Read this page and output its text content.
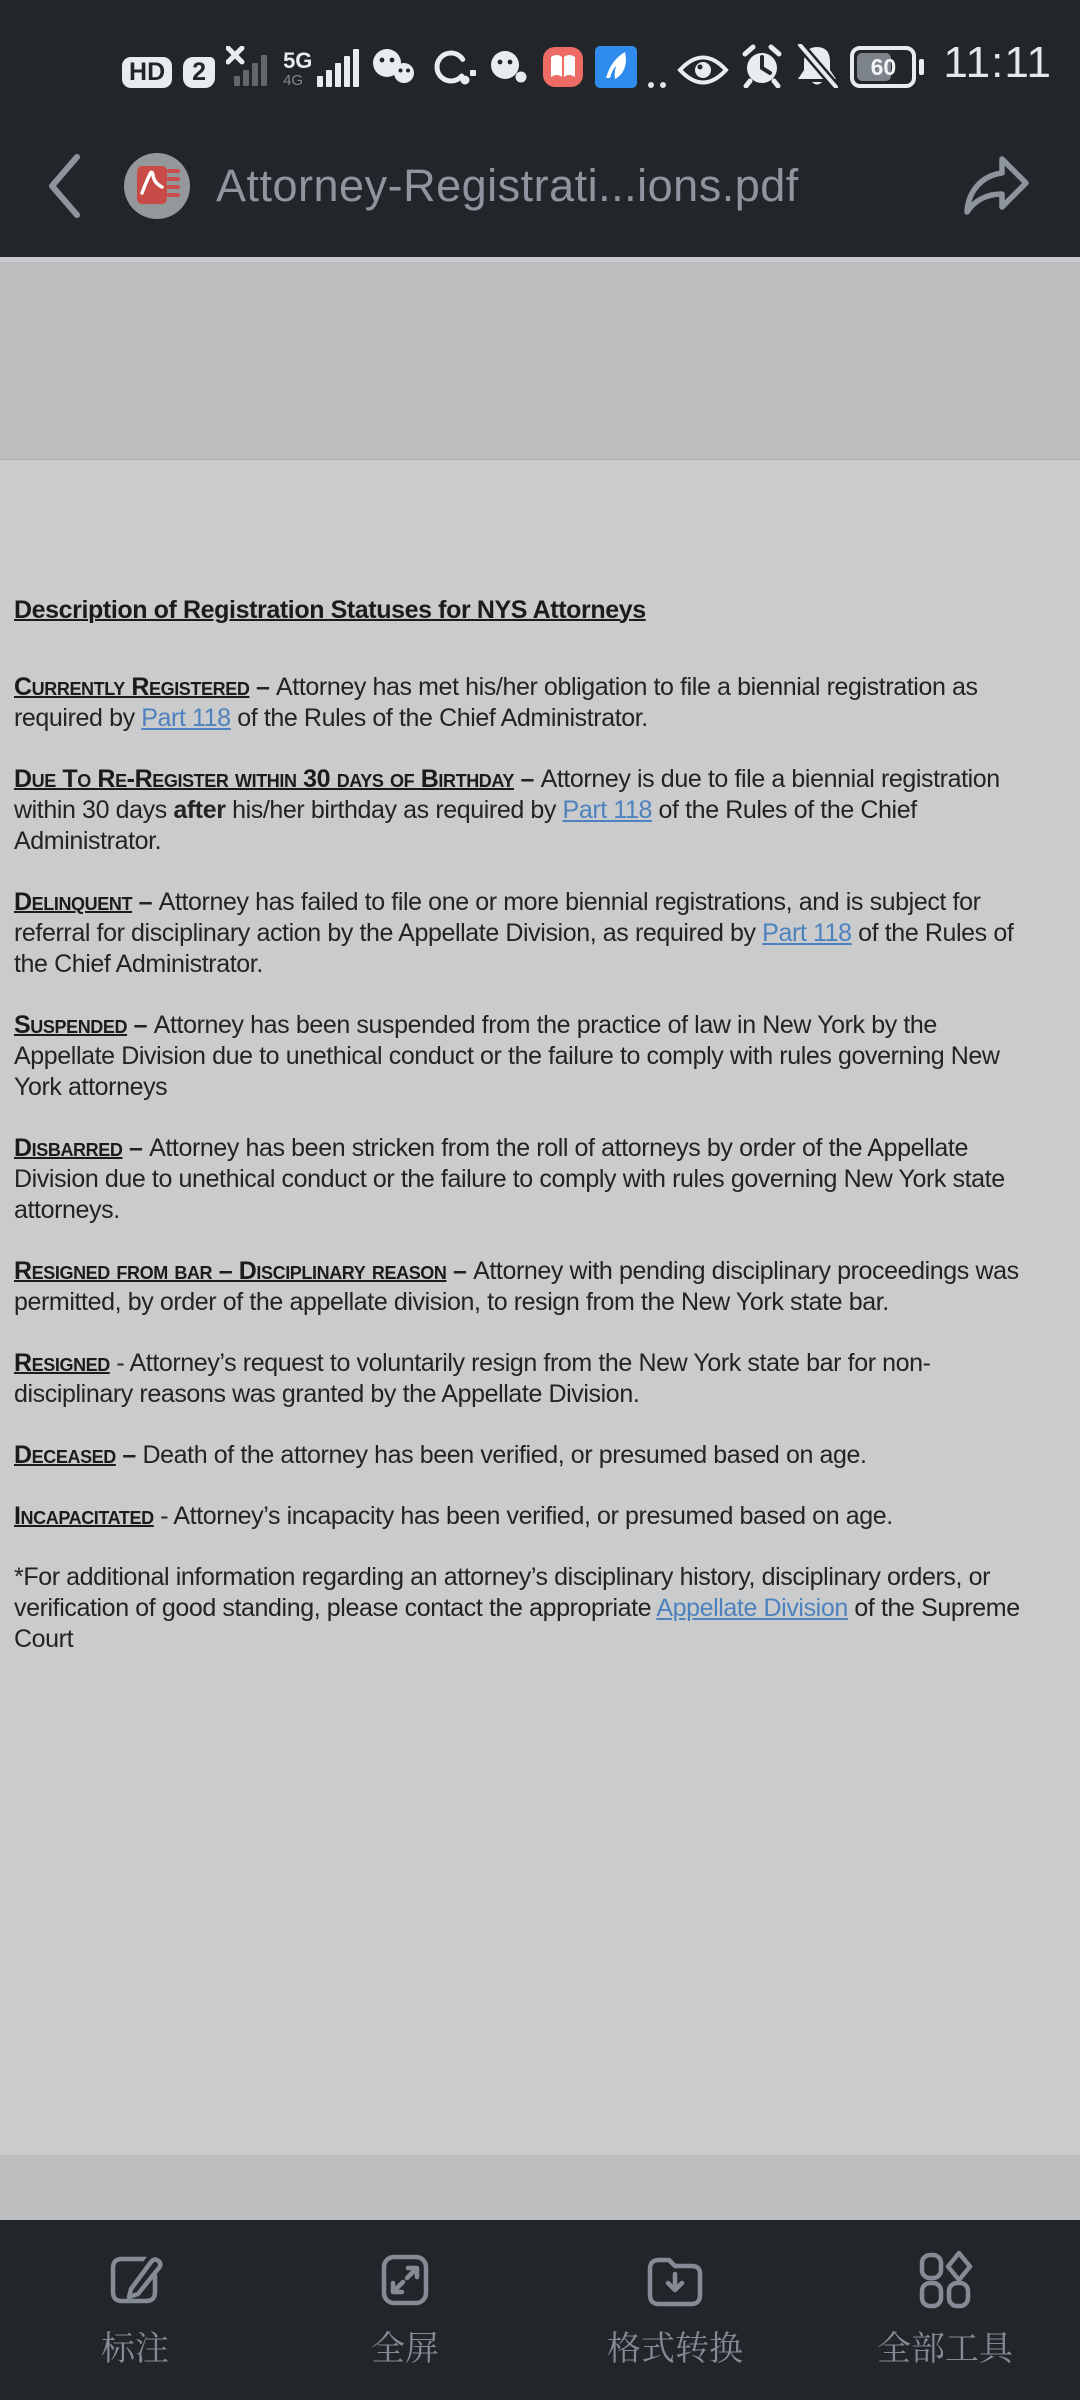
HD	2	5G
4G
60	11:11
Attorney-Registrati...ions.pdf

Description of Registration Statuses for NYS Attorneys

Currently Registered – Attorney has met his/her obligation to file a biennial registration as required by Part 118 of the Rules of the Chief Administrator.

Due To Re-Register within 30 days of Birthday – Attorney is due to file a biennial registration within 30 days after his/her birthday as required by Part 118 of the Rules of the Chief Administrator.

Delinquent – Attorney has failed to file one or more biennial registrations, and is subject for referral for disciplinary action by the Appellate Division, as required by Part 118 of the Rules of the Chief Administrator.

Suspended – Attorney has been suspended from the practice of law in New York by the Appellate Division due to unethical conduct or the failure to comply with rules governing New York attorneys

Disbarred – Attorney has been stricken from the roll of attorneys by order of the Appellate Division due to unethical conduct or the failure to comply with rules governing New York state attorneys.

Resigned from bar – Disciplinary reason – Attorney with pending disciplinary proceedings was permitted, by order of the appellate division, to resign from the New York state bar.

Resigned - Attorney’s request to voluntarily resign from the New York state bar for non-disciplinary reasons was granted by the Appellate Division.

Deceased – Death of the attorney has been verified, or presumed based on age.

Incapacitated - Attorney’s incapacity has been verified, or presumed based on age.

*For additional information regarding an attorney’s disciplinary history, disciplinary orders, or verification of good standing, please contact the appropriate Appellate Division of the Supreme Court

标注	全屏	格式转换	全部工具
